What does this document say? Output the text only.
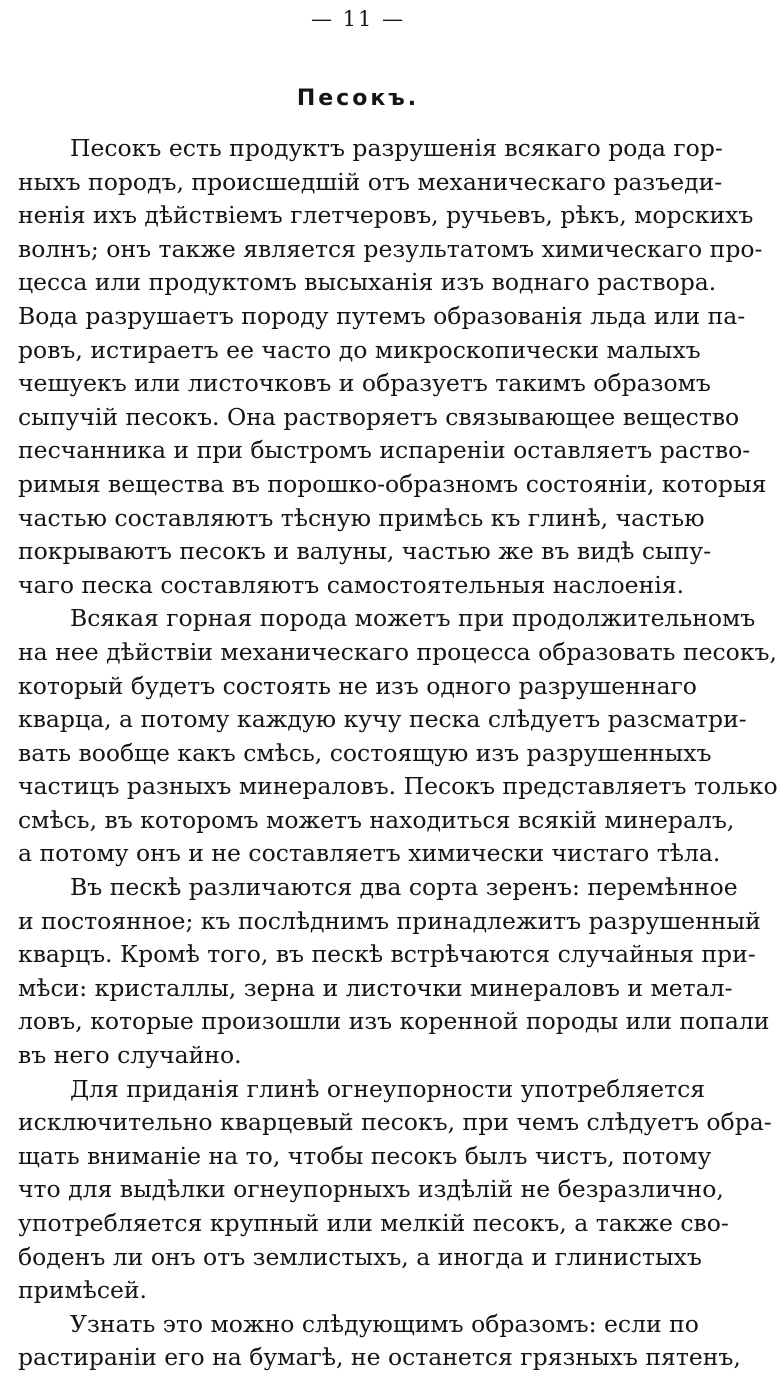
— 11 —
Песокъ.
Песокъ есть продуктъ разрушенія всякаго рода гор-
ныхъ породъ, происшедшій отъ механическаго разъеди-
ненія ихъ дѣйствіемъ глетчеровъ, ручьевъ, рѣкъ, морскихъ
волнъ; онъ также является результатомъ химическаго про-
цесса или продуктомъ высыханія изъ воднаго раствора.
Вода разрушаетъ породу путемъ образованія льда или па-
ровъ, истираетъ ее часто до микроскопически малыхъ
чешуекъ или листочковъ и образуетъ такимъ образомъ
сыпучій песокъ. Она растворяетъ связывающее вещество
песчанника и при быстромъ испареніи оставляетъ раство-
римыя вещества въ порошко-образномъ состояніи, которыя
частью составляютъ тѣсную примѣсь къ глинѣ, частью
покрываютъ песокъ и валуны, частью же въ видѣ сыпу-
чаго песка составляютъ самостоятельныя наслоенія.
Всякая горная порода можетъ при продолжительномъ
на нее дѣйствіи механическаго процесса образовать песокъ,
который будетъ состоять не изъ одного разрушеннаго
кварца, а потому каждую кучу песка слѣдуетъ разсматри-
вать вообще какъ смѣсь, состоящую изъ разрушенныхъ
частицъ разныхъ минераловъ. Песокъ представляетъ только
смѣсь, въ которомъ можетъ находиться всякій минералъ,
а потому онъ и не составляетъ химически чистаго тѣла.
Въ пескѣ различаются два сорта зеренъ: перемѣнное
и постоянное; къ послѣднимъ принадлежитъ разрушенный
кварцъ. Кромѣ того, въ пескѣ встрѣчаются случайныя при-
мѣси: кристаллы, зерна и листочки минераловъ и метал-
ловъ, которые произошли изъ коренной породы или попали
въ него случайно.
Для приданія глинѣ огнеупорности употребляется
исключительно кварцевый песокъ, при чемъ слѣдуетъ обра-
щать вниманіе на то, чтобы песокъ былъ чистъ, потому
что для выдѣлки огнеупорныхъ издѣлій не безразлично,
употребляется крупный или мелкій песокъ, а также сво-
боденъ ли онъ отъ землистыхъ, а иногда и глинистыхъ
примѣсей.
Узнать это можно слѣдующимъ образомъ: если по
растираніи его на бумагѣ, не останется грязныхъ пятенъ,
